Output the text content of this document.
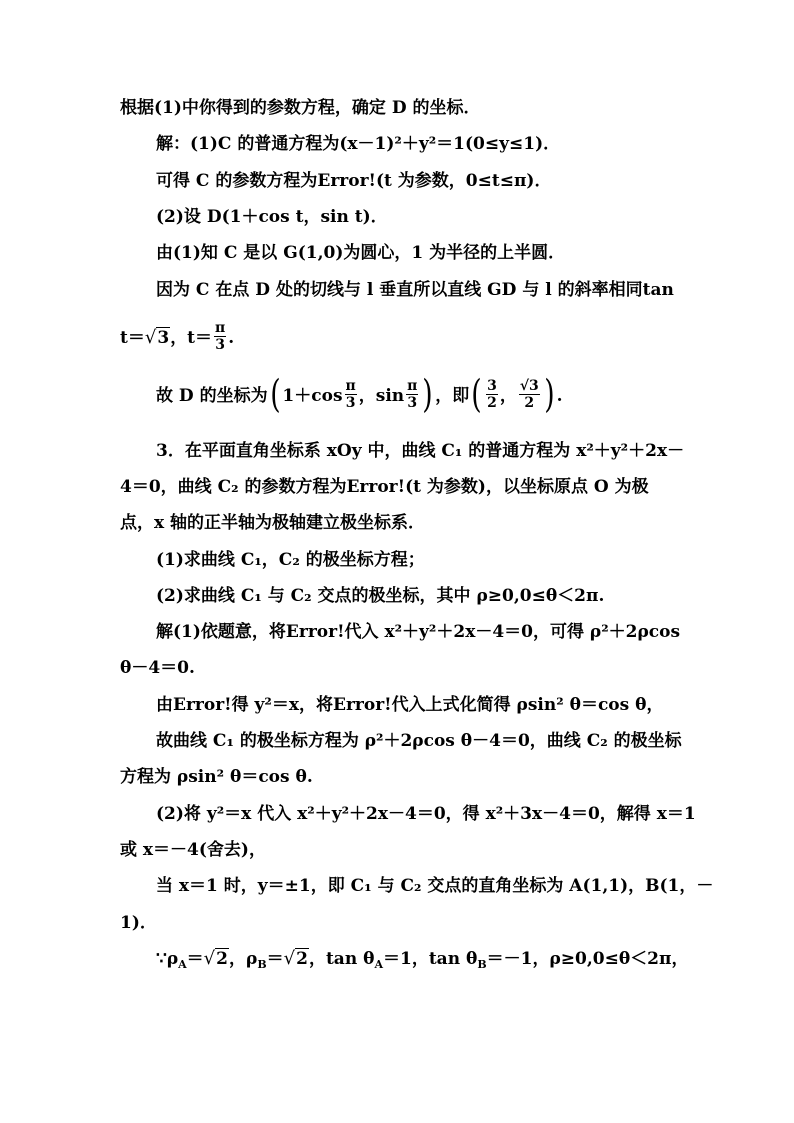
根据(1)中你得到的参数方程，确定 D 的坐标．
解：(1)C 的普通方程为(x－1)²＋y²＝1(0≤y≤1)．
可得 C 的参数方程为Error!(t 为参数，0≤t≤π)．
(2)设 D(1＋cos t，sin t)．
由(1)知 C 是以 G(1,0)为圆心，1 为半径的上半圆．
因为 C 在点 D 处的切线与 l 垂直所以直线 GD 与 l 的斜率相同tan
t＝√3，$t= \frac{\pi}{3}$ .
故 D 的坐标为( $1+\cos \frac{\pi}{3}$ ，$\sin \frac{\pi}{3}$ ) ，即( $\frac{3}{2}$ ， $\frac{√3}{2}$ ) .
3．在平面直角坐标系 xOy 中，曲线 C₁ 的普通方程为 x²＋y²＋2x－
4＝0，曲线 C₂ 的参数方程为Error!(t 为参数)，以坐标原点 O 为极
点，x 轴的正半轴为极轴建立极坐标系．
(1)求曲线 C₁，C₂ 的极坐标方程；
(2)求曲线 C₁ 与 C₂ 交点的极坐标，其中 ρ≥0,0≤θ＜2π.
解(1)依题意，将Error!代入 x²＋y²＋2x－4＝0，可得 ρ²＋2ρcos
θ－4＝0.
由Error!得 y²＝x，将Error!代入上式化简得 ρsin² θ＝cos θ，
故曲线 C₁ 的极坐标方程为 ρ²＋2ρcos θ－4＝0，曲线 C₂ 的极坐标
方程为 ρsin² θ＝cos θ.
(2)将 y²＝x 代入 x²＋y²＋2x－4＝0，得 x²＋3x－4＝0，解得 x＝1
或 x＝－4(舍去)，
当 x＝1 时，y＝±1，即 C₁ 与 C₂ 交点的直角坐标为 A(1,1)，B(1，－
1)．
$\because\rho_A=√2$，$\rho_B=√2$，$\tan \theta_A=1$，$\tan \theta_B=-1$，ρ≥0,0≤θ＜2π，
